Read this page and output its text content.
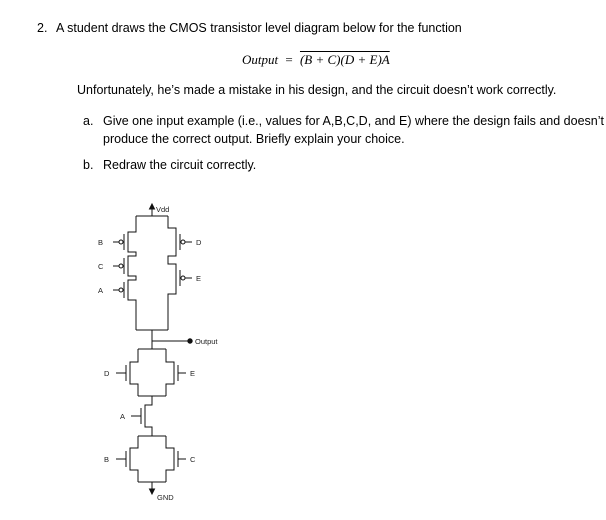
2. A student draws the CMOS transistor level diagram below for the function
Output = (B + C)(D + E)A
Unfortunately, he’s made a mistake in his design, and the circuit doesn’t work correctly.
a. Give one input example (i.e., values for A,B,C,D, and E) where the design fails and doesn’t
produce the correct output. Briefly explain your choice.
b. Redraw the circuit correctly.
Vdd
B
C
A
D
E
Output
D	E
A
B	C
GND
